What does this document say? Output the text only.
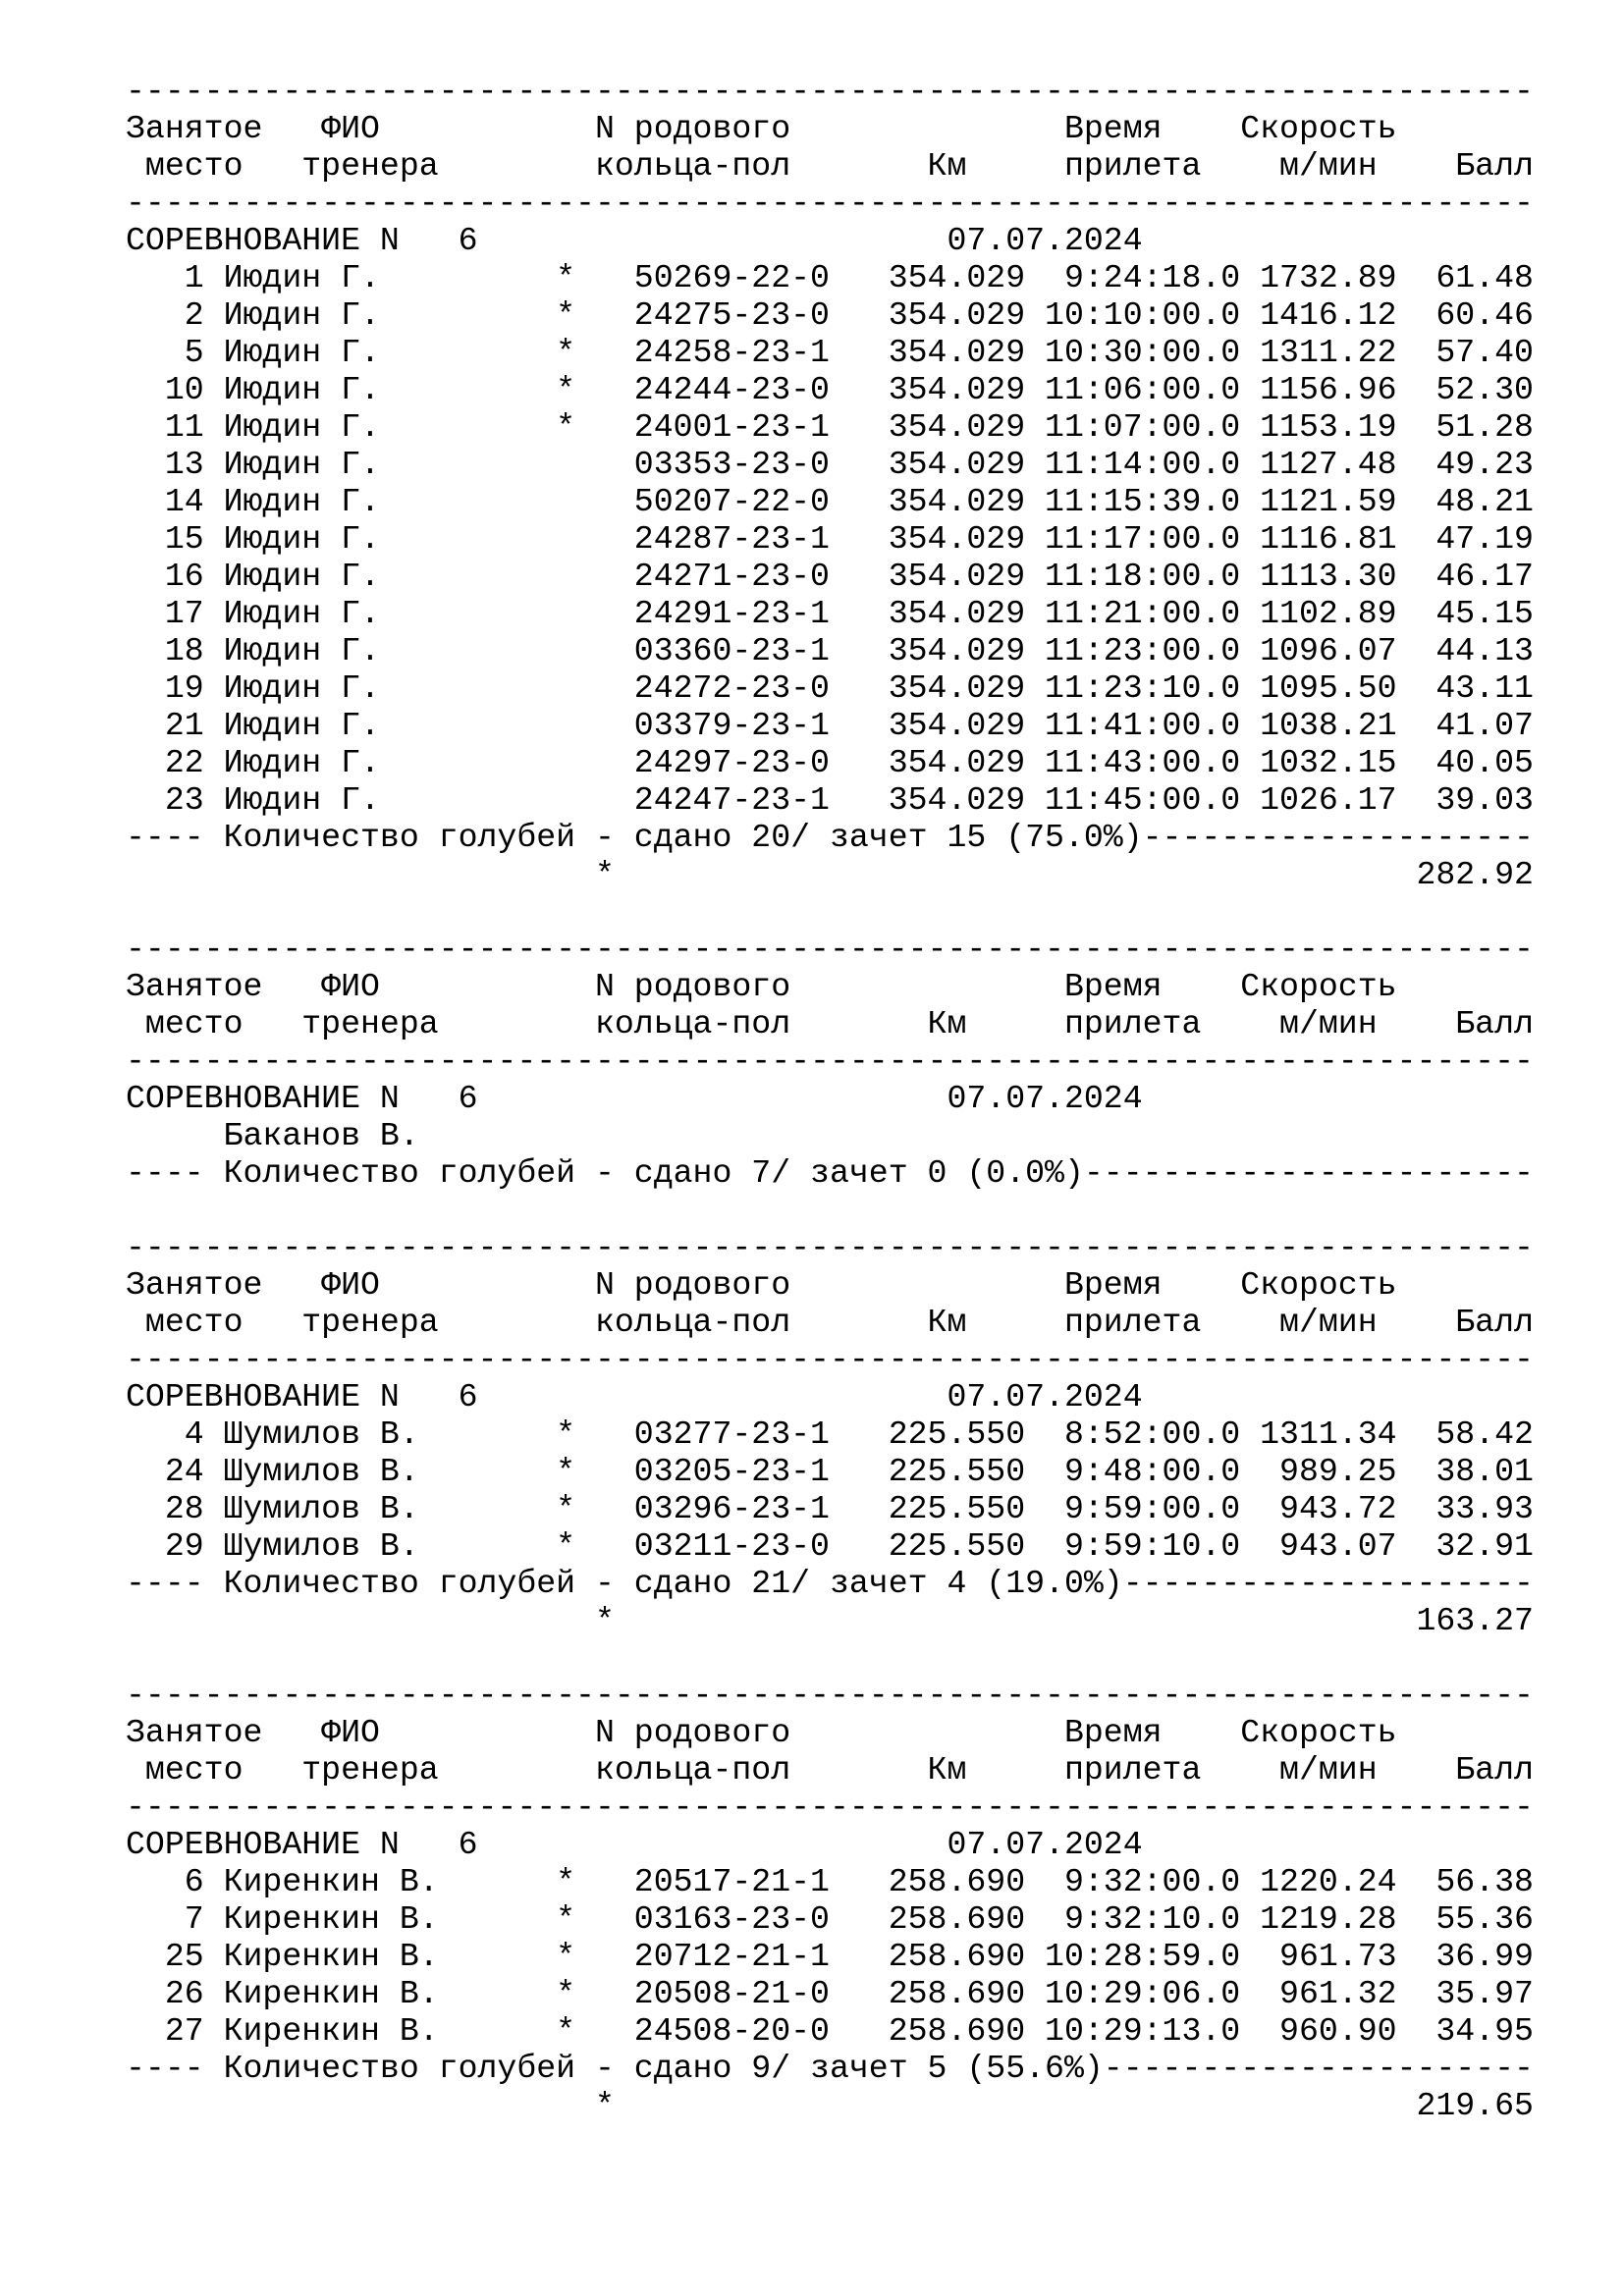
------------------------------------------------------------------------
Занятое   ФИО           N родового              Время    Скорость
место   тренера        кольца-пол       Км     прилета    м/мин    Балл
------------------------------------------------------------------------
СОРЕВНОВАНИЕ N   6                        07.07.2024
1 Июдин Г.         *   50269-22-0   354.029  9:24:18.0 1732.89  61.48
2 Июдин Г.         *   24275-23-0   354.029 10:10:00.0 1416.12  60.46
5 Июдин Г.         *   24258-23-1   354.029 10:30:00.0 1311.22  57.40
10 Июдин Г.         *   24244-23-0   354.029 11:06:00.0 1156.96  52.30
11 Июдин Г.         *   24001-23-1   354.029 11:07:00.0 1153.19  51.28
13 Июдин Г.             03353-23-0   354.029 11:14:00.0 1127.48  49.23
14 Июдин Г.             50207-22-0   354.029 11:15:39.0 1121.59  48.21
15 Июдин Г.             24287-23-1   354.029 11:17:00.0 1116.81  47.19
16 Июдин Г.             24271-23-0   354.029 11:18:00.0 1113.30  46.17
17 Июдин Г.             24291-23-1   354.029 11:21:00.0 1102.89  45.15
18 Июдин Г.             03360-23-1   354.029 11:23:00.0 1096.07  44.13
19 Июдин Г.             24272-23-0   354.029 11:23:10.0 1095.50  43.11
21 Июдин Г.             03379-23-1   354.029 11:41:00.0 1038.21  41.07
22 Июдин Г.             24297-23-0   354.029 11:43:00.0 1032.15  40.05
23 Июдин Г.             24247-23-1   354.029 11:45:00.0 1026.17  39.03
---- Количество голубей - сдано 20/ зачет 15 (75.0%)--------------------
*                                         282.92
------------------------------------------------------------------------
Занятое   ФИО           N родового              Время    Скорость
место   тренера        кольца-пол       Км     прилета    м/мин    Балл
------------------------------------------------------------------------
СОРЕВНОВАНИЕ N   6                        07.07.2024
Баканов В.
---- Количество голубей - сдано 7/ зачет 0 (0.0%)-----------------------
------------------------------------------------------------------------
Занятое   ФИО           N родового              Время    Скорость
место   тренера        кольца-пол       Км     прилета    м/мин    Балл
------------------------------------------------------------------------
СОРЕВНОВАНИЕ N   6                        07.07.2024
4 Шумилов В.       *   03277-23-1   225.550  8:52:00.0 1311.34  58.42
24 Шумилов В.       *   03205-23-1   225.550  9:48:00.0  989.25  38.01
28 Шумилов В.       *   03296-23-1   225.550  9:59:00.0  943.72  33.93
29 Шумилов В.       *   03211-23-0   225.550  9:59:10.0  943.07  32.91
---- Количество голубей - сдано 21/ зачет 4 (19.0%)---------------------
*                                         163.27
------------------------------------------------------------------------
Занятое   ФИО           N родового              Время    Скорость
место   тренера        кольца-пол       Км     прилета    м/мин    Балл
------------------------------------------------------------------------
СОРЕВНОВАНИЕ N   6                        07.07.2024
6 Киренкин В.      *   20517-21-1   258.690  9:32:00.0 1220.24  56.38
7 Киренкин В.      *   03163-23-0   258.690  9:32:10.0 1219.28  55.36
25 Киренкин В.      *   20712-21-1   258.690 10:28:59.0  961.73  36.99
26 Киренкин В.      *   20508-21-0   258.690 10:29:06.0  961.32  35.97
27 Киренкин В.      *   24508-20-0   258.690 10:29:13.0  960.90  34.95
---- Количество голубей - сдано 9/ зачет 5 (55.6%)----------------------
*                                         219.65
